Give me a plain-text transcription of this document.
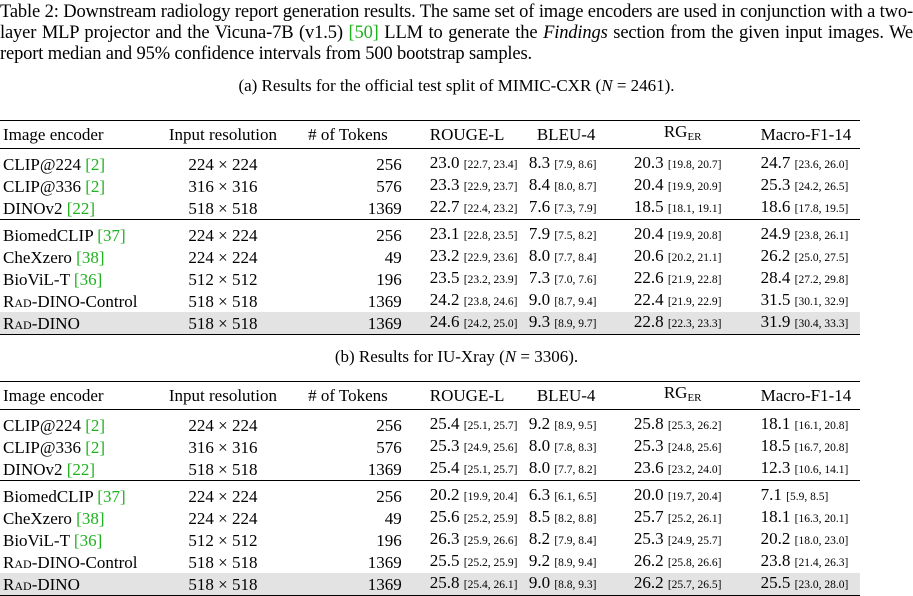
Table 2: Downstream radiology report generation results. The same set of image encoders are used in conjunction with a two-layer MLP projector and the Vicuna-7B (v1.5) [50] LLM to generate the Findings section from the given input images. We report median and 95% confidence intervals from 500 bootstrap samples.

(a) Results for the official test split of MIMIC-CXR (N = 2461).
Image encoder	Input resolution	# of Tokens	ROUGE-L	BLEU-4	$RG_{ER}$	Macro-F1-14
CLIP@224 [2]	224 × 224	256	23.0 [22.7, 23.4]	8.3 [7.9, 8.6]	20.3 [19.8, 20.7]	24.7 [23.6, 26.0]
CLIP@336 [2]	316 × 316	576	23.3 [22.9, 23.7]	8.4 [8.0, 8.7]	20.4 [19.9, 20.9]	25.3 [24.2, 26.5]
DINOv2 [22]	518 × 518	1369	22.7 [22.4, 23.2]	7.6 [7.3, 7.9]	18.5 [18.1, 19.1]	18.6 [17.8, 19.5]
BiomedCLIP [37]	224 × 224	256	23.1 [22.8, 23.5]	7.9 [7.5, 8.2]	20.4 [19.9, 20.8]	24.9 [23.8, 26.1]
CheXzero [38]	224 × 224	49	23.2 [22.9, 23.6]	8.0 [7.7, 8.4]	20.6 [20.2, 21.1]	26.2 [25.0, 27.5]
BioViL-T [36]	512 × 512	196	23.5 [23.2, 23.9]	7.3 [7.0, 7.6]	22.6 [21.9, 22.8]	28.4 [27.2, 29.8]
Rad-DINO-Control	518 × 518	1369	24.2 [23.8, 24.6]	9.0 [8.7, 9.4]	22.4 [21.9, 22.9]	31.5 [30.1, 32.9]
Rad-DINO	518 × 518	1369	24.6 [24.2, 25.0]	9.3 [8.9, 9.7]	22.8 [22.3, 23.3]	31.9 [30.4, 33.3]
(b) Results for IU-Xray (N = 3306).
Image encoder	Input resolution	# of Tokens	ROUGE-L	BLEU-4	$RG_{ER}$	Macro-F1-14
CLIP@224 [2]	224 × 224	256	25.4 [25.1, 25.7]	9.2 [8.9, 9.5]	25.8 [25.3, 26.2]	18.1 [16.1, 20.8]
CLIP@336 [2]	316 × 316	576	25.3 [24.9, 25.6]	8.0 [7.8, 8.3]	25.3 [24.8, 25.6]	18.5 [16.7, 20.8]
DINOv2 [22]	518 × 518	1369	25.4 [25.1, 25.7]	8.0 [7.7, 8.2]	23.6 [23.2, 24.0]	12.3 [10.6, 14.1]
BiomedCLIP [37]	224 × 224	256	20.2 [19.9, 20.4]	6.3 [6.1, 6.5]	20.0 [19.7, 20.4]	7.1 [5.9, 8.5]
CheXzero [38]	224 × 224	49	25.6 [25.2, 25.9]	8.5 [8.2, 8.8]	25.7 [25.2, 26.1]	18.1 [16.3, 20.1]
BioViL-T [36]	512 × 512	196	26.3 [25.9, 26.6]	8.2 [7.9, 8.4]	25.3 [24.9, 25.7]	20.2 [18.0, 23.0]
Rad-DINO-Control	518 × 518	1369	25.5 [25.2, 25.9]	9.2 [8.9, 9.4]	26.2 [25.8, 26.6]	23.8 [21.4, 26.3]
Rad-DINO	518 × 518	1369	25.8 [25.4, 26.1]	9.0 [8.8, 9.3]	26.2 [25.7, 26.5]	25.5 [23.0, 28.0]
